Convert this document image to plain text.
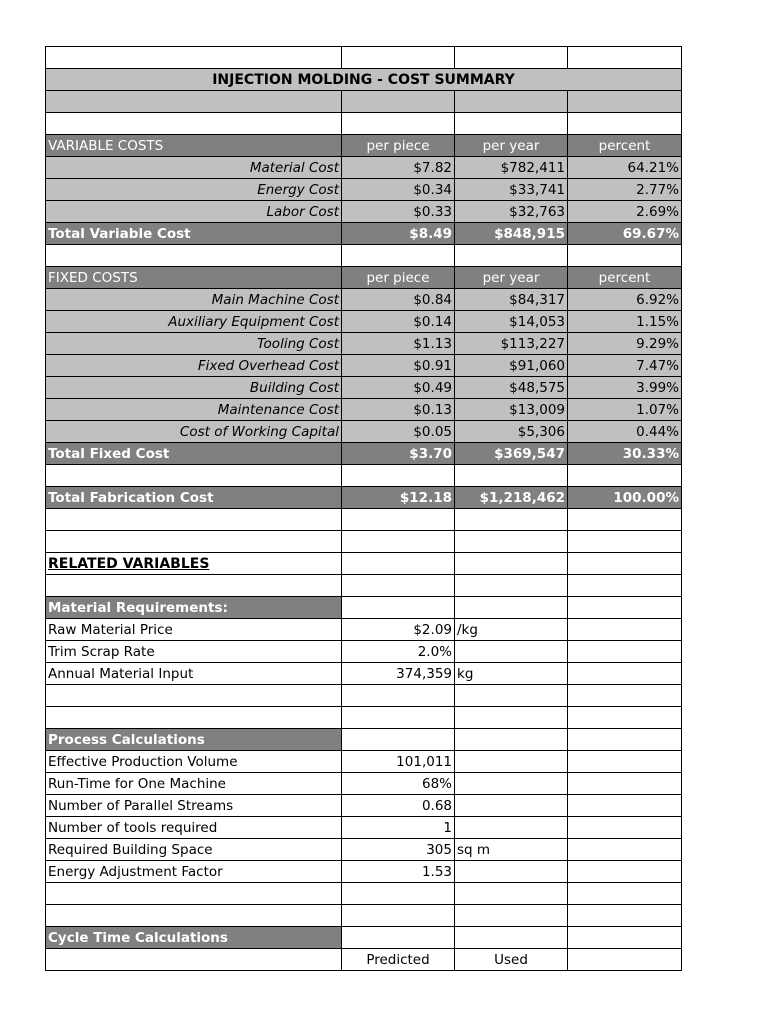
INJECTION MOLDING - COST SUMMARY			

VARIABLE COSTS	per piece	per year	percent
Material Cost	$7.82	$782,411	64.21%
Energy Cost	$0.34	$33,741	2.77%
Labor Cost	$0.33	$32,763	2.69%
Total Variable Cost	$8.49	$848,915	69.67%

FIXED COSTS	per piece	per year	percent
Main Machine Cost	$0.84	$84,317	6.92%
Auxiliary Equipment Cost	$0.14	$14,053	1.15%
Tooling Cost	$1.13	$113,227	9.29%
Fixed Overhead Cost	$0.91	$91,060	7.47%
Building Cost	$0.49	$48,575	3.99%
Maintenance Cost	$0.13	$13,009	1.07%
Cost of Working Capital	$0.05	$5,306	0.44%
Total Fixed Cost	$3.70	$369,547	30.33%

Total Fabrication Cost	$12.18	$1,218,462	100.00%

RELATED VARIABLES			

Material Requirements:			
Raw Material Price	$2.09	/kg	
Trim Scrap Rate	2.0%		
Annual Material Input	374,359	kg	

Process Calculations			
Effective Production Volume	101,011		
Run-Time for One Machine	68%		
Number of Parallel Streams	0.68		
Number of tools required	1		
Required Building Space	305	sq m	
Energy Adjustment Factor	1.53		

Cycle Time Calculations			
	Predicted	Used	
